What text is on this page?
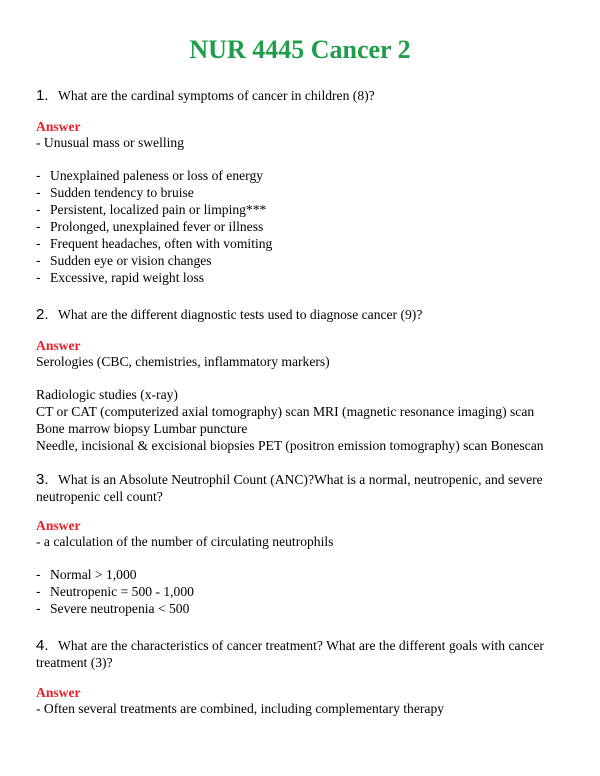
NUR 4445 Cancer 2
1. What are the cardinal symptoms of cancer in children (8)?
Answer
- Unusual mass or swelling
- Unexplained paleness or loss of energy
- Sudden tendency to bruise
- Persistent, localized pain or limping***
- Prolonged, unexplained fever or illness
- Frequent headaches, often with vomiting
- Sudden eye or vision changes
- Excessive, rapid weight loss
2. What are the different diagnostic tests used to diagnose cancer (9)?
Answer
Serologies (CBC, chemistries, inflammatory markers)
Radiologic studies (x-ray)
CT or CAT (computerized axial tomography) scan MRI (magnetic resonance imaging) scan
Bone marrow biopsy Lumbar puncture
Needle, incisional & excisional biopsies PET (positron emission tomography) scan Bonescan
3. What is an Absolute Neutrophil Count (ANC)?What is a normal, neutropenic, and severe
neutropenic cell count?
Answer
- a calculation of the number of circulating neutrophils
- Normal > 1,000
- Neutropenic = 500 - 1,000
- Severe neutropenia < 500
4. What are the characteristics of cancer treatment? What are the different goals with cancer
treatment (3)?
Answer
- Often several treatments are combined, including complementary therapy
